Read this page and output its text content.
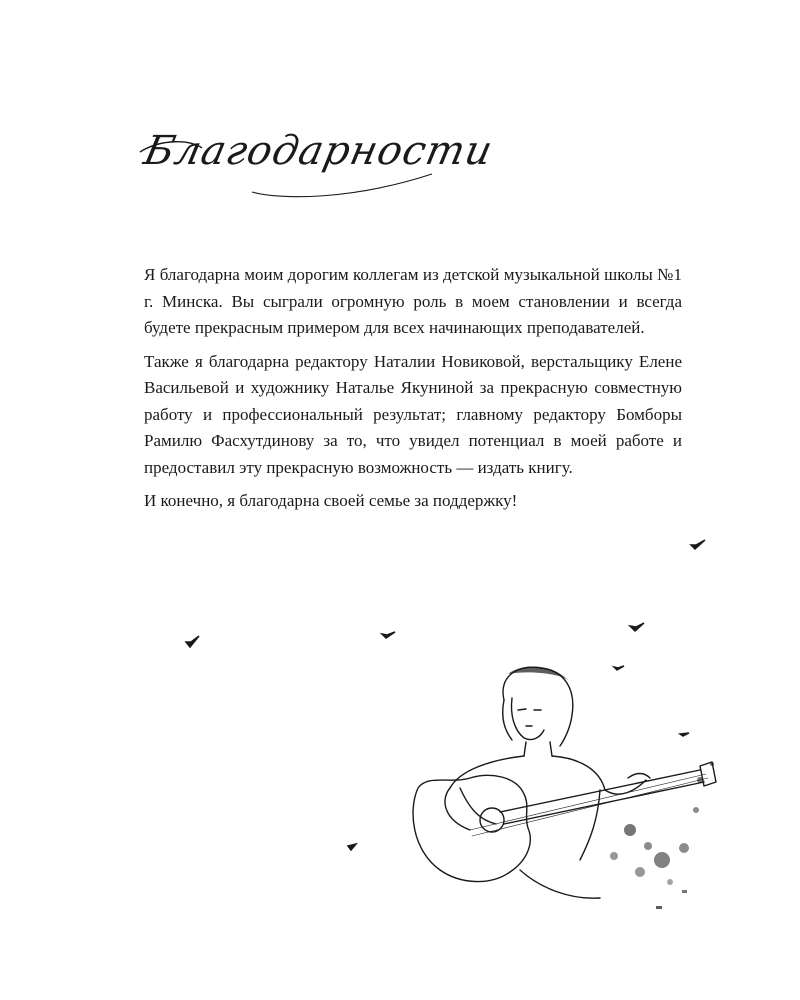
Благодарности

Я благодарна моим дорогим коллегам из детской музыкальной школы №1 г. Минска. Вы сыграли огромную роль в моем становлении и всегда будете прекрасным примером для всех начинающих преподавателей.

Также я благодарна редактору Наталии Новиковой, верстальщику Елене Васильевой и художнику Наталье Якуниной за прекрасную совместную работу и профессиональный результат; главному редактору Бомборы Рамилю Фасхутдинову за то, что увидел потенциал в моей работе и предоставил эту прекрасную возможность — издать книгу.

И конечно, я благодарна своей семье за поддержку!
